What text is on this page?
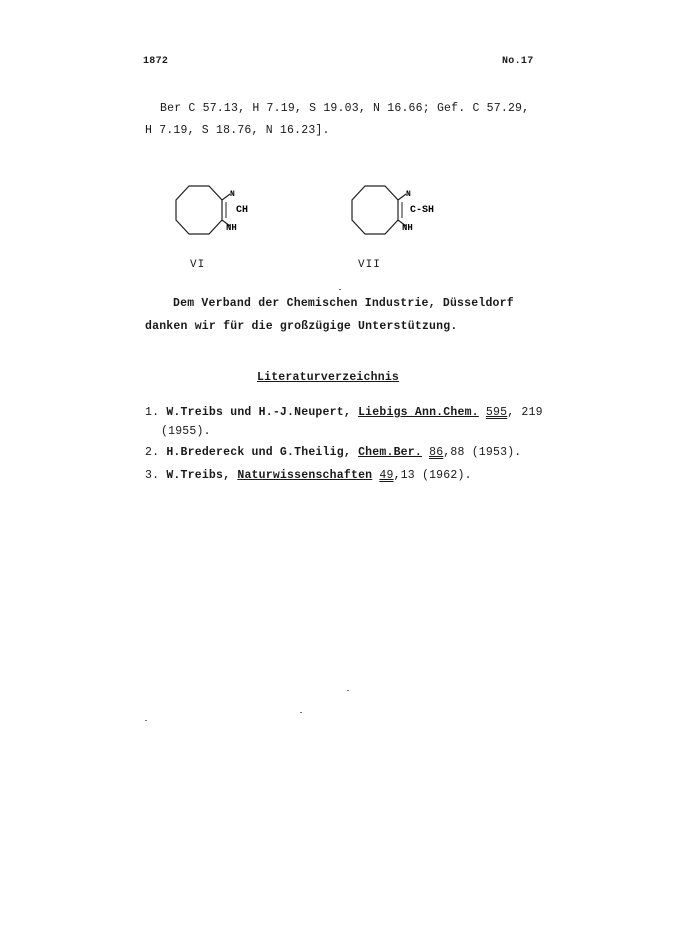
1872	No.17
Ber C 57.13, H 7.19, S 19.03, N 16.66; Gef. C 57.29,
H 7.19, S 18.76, N 16.23].
N
CH
NH
VI
N
C-SH
NH
VII
Dem Verband der Chemischen Industrie, Düsseldorf
danken wir für die großzügige Unterstützung.
Literaturverzeichnis
1. W.Treibs und H.-J.Neupert, Liebigs Ann.Chem. 595, 219
(1955).
2. H.Bredereck und G.Theilig, Chem.Ber. 86,88 (1953).
3. W.Treibs, Naturwissenschaften 49,13 (1962).
